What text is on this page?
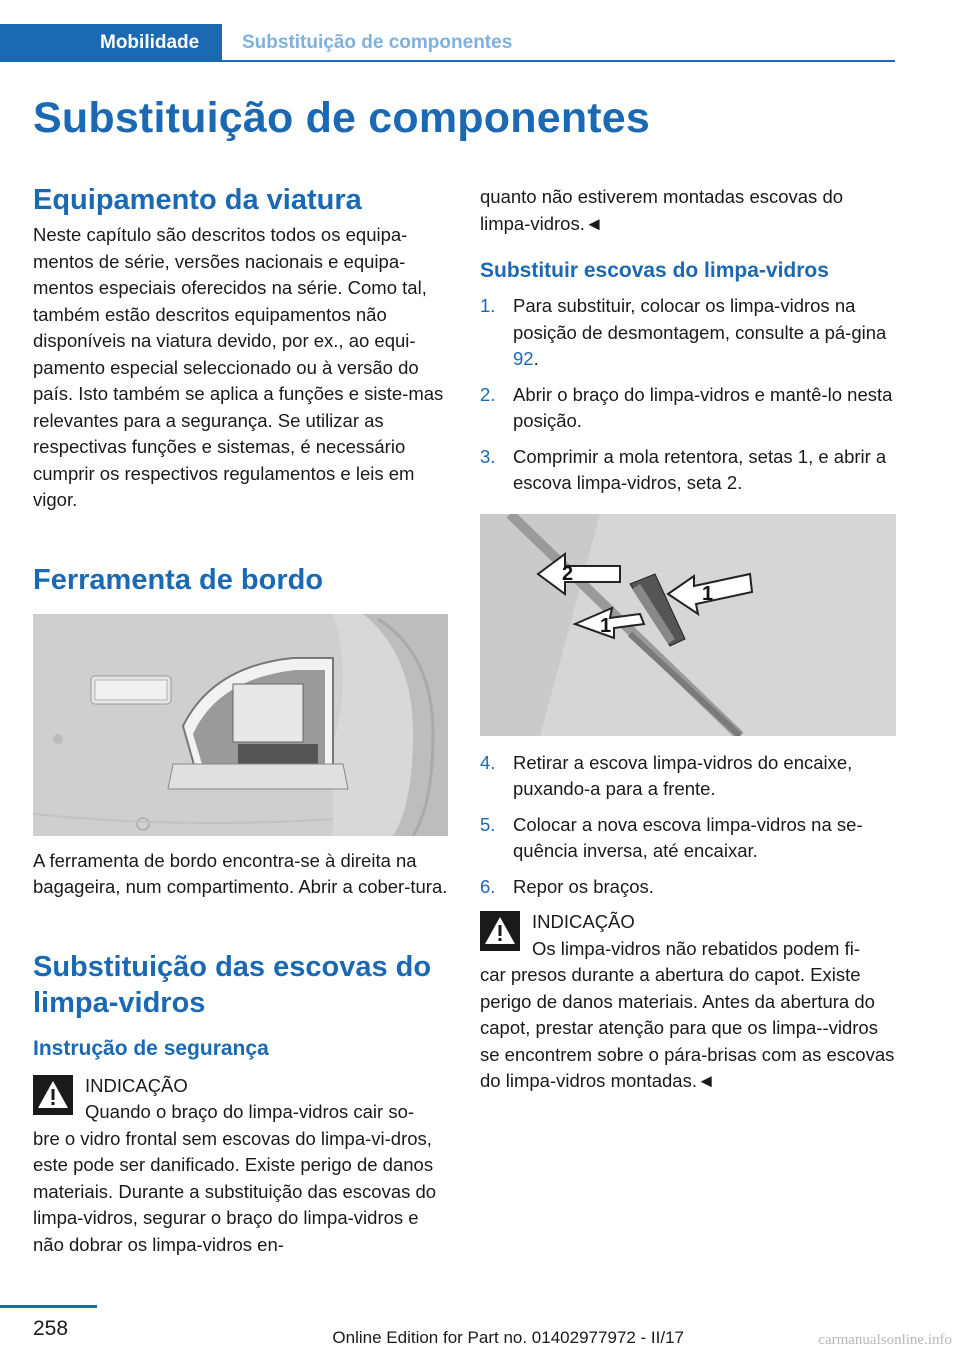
Mobilidade	Substituição de componentes
Substituição de componentes
Equipamento da viatura
Neste capítulo são descritos todos os equipa-mentos de série, versões nacionais e equipa-mentos especiais oferecidos na série. Como tal, também estão descritos equipamentos não disponíveis na viatura devido, por ex., ao equi-pamento especial seleccionado ou à versão do país. Isto também se aplica a funções e siste-mas relevantes para a segurança. Se utilizar as respectivas funções e sistemas, é necessário cumprir os respectivos regulamentos e leis em vigor.
Ferramenta de bordo
A ferramenta de bordo encontra-se à direita na bagageira, num compartimento. Abrir a cober-tura.
Substituição das escovas do limpa-vidros
Instrução de segurança
INDICAÇÃO
Quando o braço do limpa-vidros cair so-
bre o vidro frontal sem escovas do limpa-vi-dros, este pode ser danificado. Existe perigo de danos materiais. Durante a substituição das escovas do limpa-vidros, segurar o braço do limpa-vidros e não dobrar os limpa-vidros en-
quanto não estiverem montadas escovas do limpa-vidros.◄
Substituir escovas do limpa-vidros
1. Para substituir, colocar os limpa-vidros na posição de desmontagem, consulte a pá-gina 92.
2. Abrir o braço do limpa-vidros e mantê-lo nesta posição.
3. Comprimir a mola retentora, setas 1, e abrir a escova limpa-vidros, seta 2.
2
1
1
4. Retirar a escova limpa-vidros do encaixe, puxando-a para a frente.
5. Colocar a nova escova limpa-vidros na se-quência inversa, até encaixar.
6. Repor os braços.
INDICAÇÃO
Os limpa-vidros não rebatidos podem fi-
car presos durante a abertura do capot. Existe perigo de danos materiais. Antes da abertura do capot, prestar atenção para que os limpa--vidros se encontrem sobre o pára-brisas com as escovas do limpa-vidros montadas.◄
258	Online Edition for Part no. 01402977972 - II/17	carmanualsonline.info
